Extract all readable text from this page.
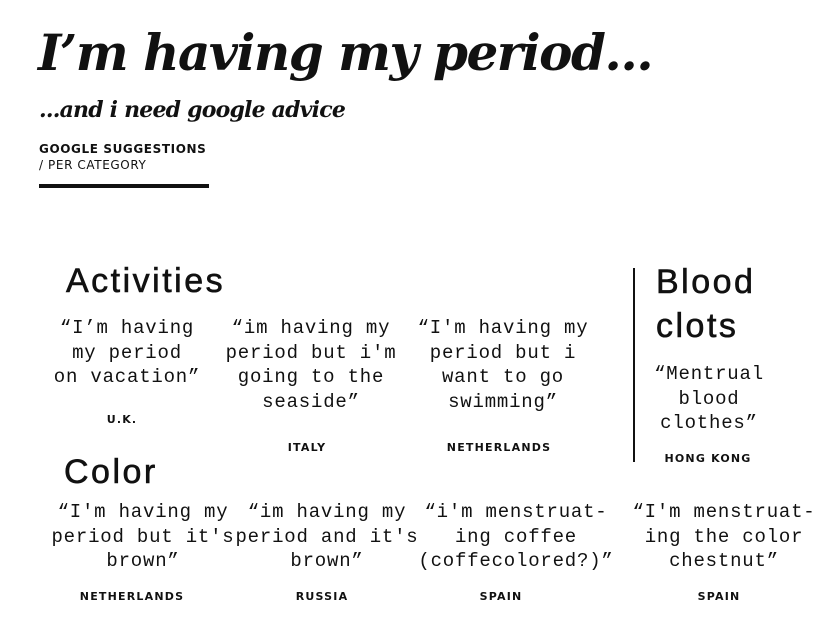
I’m having my period...
...and i need google advice
GOOGLE SUGGESTIONS
/ PER CATEGORY
Activities
“I’m having
my period
on vacation”
U.K.
“im having my
period but i'm
going to the
seaside”
ITALY
“I'm having my
period but i
want to go
swimming”
NETHERLANDS
Blood clots
“Mentrual
blood
clothes”
HONG KONG
Color
“I'm having my
period but it's
brown”
NETHERLANDS
“im having my
period and it's
brown”
RUSSIA
“i'm menstruat-
ing coffee
(coffecolored?)”
SPAIN
“I'm menstruat-
ing the color
chestnut”
SPAIN
